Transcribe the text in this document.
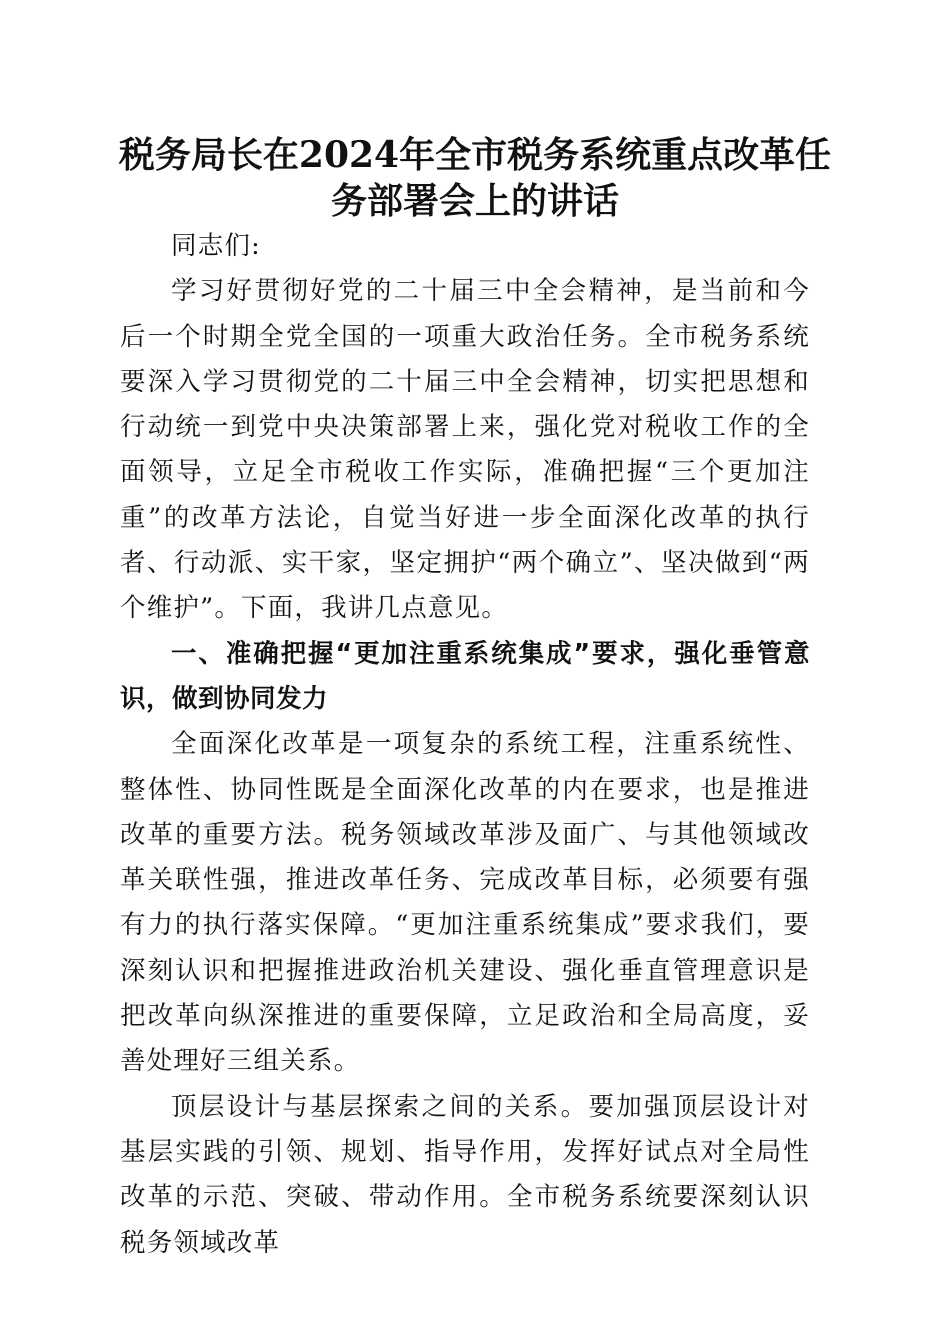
税务局长在2024年全市税务系统重点改革任
务部署会上的讲话

同志们:

学习好贯彻好党的二十届三中全会精神，是当前和今后一个时期全党全国的一项重大政治任务。全市税务系统要深入学习贯彻党的二十届三中全会精神，切实把思想和行动统一到党中央决策部署上来，强化党对税收工作的全面领导，立足全市税收工作实际，准确把握“三个更加注重”的改革方法论，自觉当好进一步全面深化改革的执行者、行动派、实干家，坚定拥护“两个确立”、坚决做到“两个维护”。下面，我讲几点意见。

一、准确把握“更加注重系统集成”要求，强化垂管意识，做到协同发力

全面深化改革是一项复杂的系统工程，注重系统性、整体性、协同性既是全面深化改革的内在要求，也是推进改革的重要方法。税务领域改革涉及面广、与其他领域改革关联性强，推进改革任务、完成改革目标，必须要有强有力的执行落实保障。“更加注重系统集成”要求我们，要深刻认识和把握推进政治机关建设、强化垂直管理意识是把改革向纵深推进的重要保障，立足政治和全局高度，妥善处理好三组关系。

顶层设计与基层探索之间的关系。要加强顶层设计对基层实践的引领、规划、指导作用，发挥好试点对全局性改革的示范、突破、带动作用。全市税务系统要深刻认识税务领域改革
